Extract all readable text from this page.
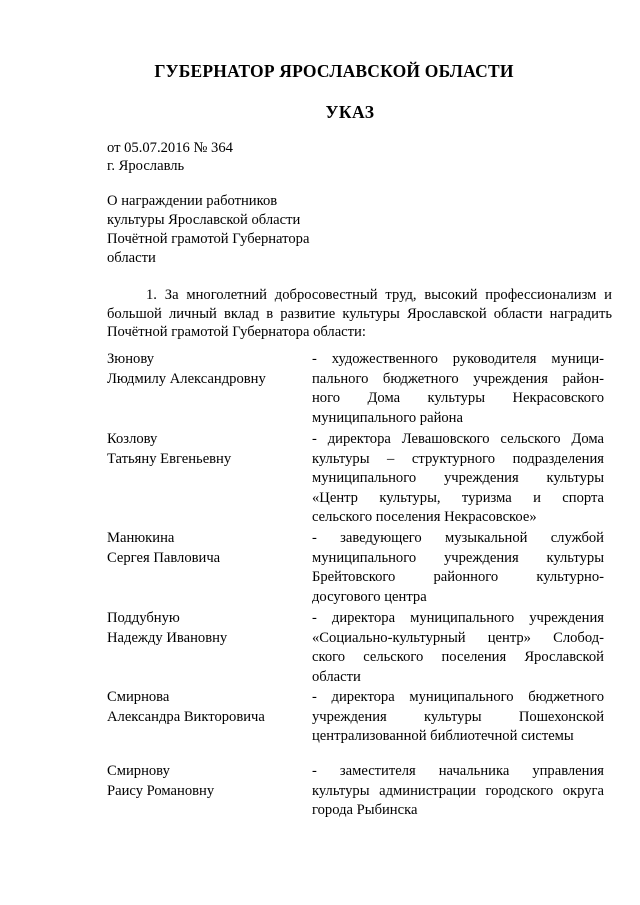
ГУБЕРНАТОР ЯРОСЛАВСКОЙ ОБЛАСТИ
УКАЗ
от 05.07.2016 № 364
г. Ярославль
О награждении работников
культуры Ярославской области
Почётной грамотой Губернатора
области
1. За многолетний добросовестный труд, высокий профессионализм и большой личный вклад в развитие культуры Ярославской области наградить Почётной грамотой Губернатора области:
Зюнову
Людмилу Александровну
- художественного руководителя муници-
пального бюджетного учреждения район-
ного Дома культуры Некрасовского
муниципального района
Козлову
Татьяну Евгеньевну
- директора Левашовского сельского Дома
культуры – структурного подразделения
муниципального учреждения культуры
«Центр культуры, туризма и спорта
сельского поселения Некрасовское»
Манюкина
Сергея Павловича
- заведующего музыкальной службой
муниципального учреждения культуры
Брейтовского районного культурно-
досугового центра
Поддубную
Надежду Ивановну
- директора муниципального учреждения
«Социально-культурный центр» Слобод-
ского сельского поселения Ярославской
области
Смирнова
Александра Викторовича
- директора муниципального бюджетного
учреждения культуры Пошехонской
централизованной библиотечной системы
Смирнову
Раису Романовну
- заместителя начальника управления
культуры администрации городского округа
города Рыбинска
